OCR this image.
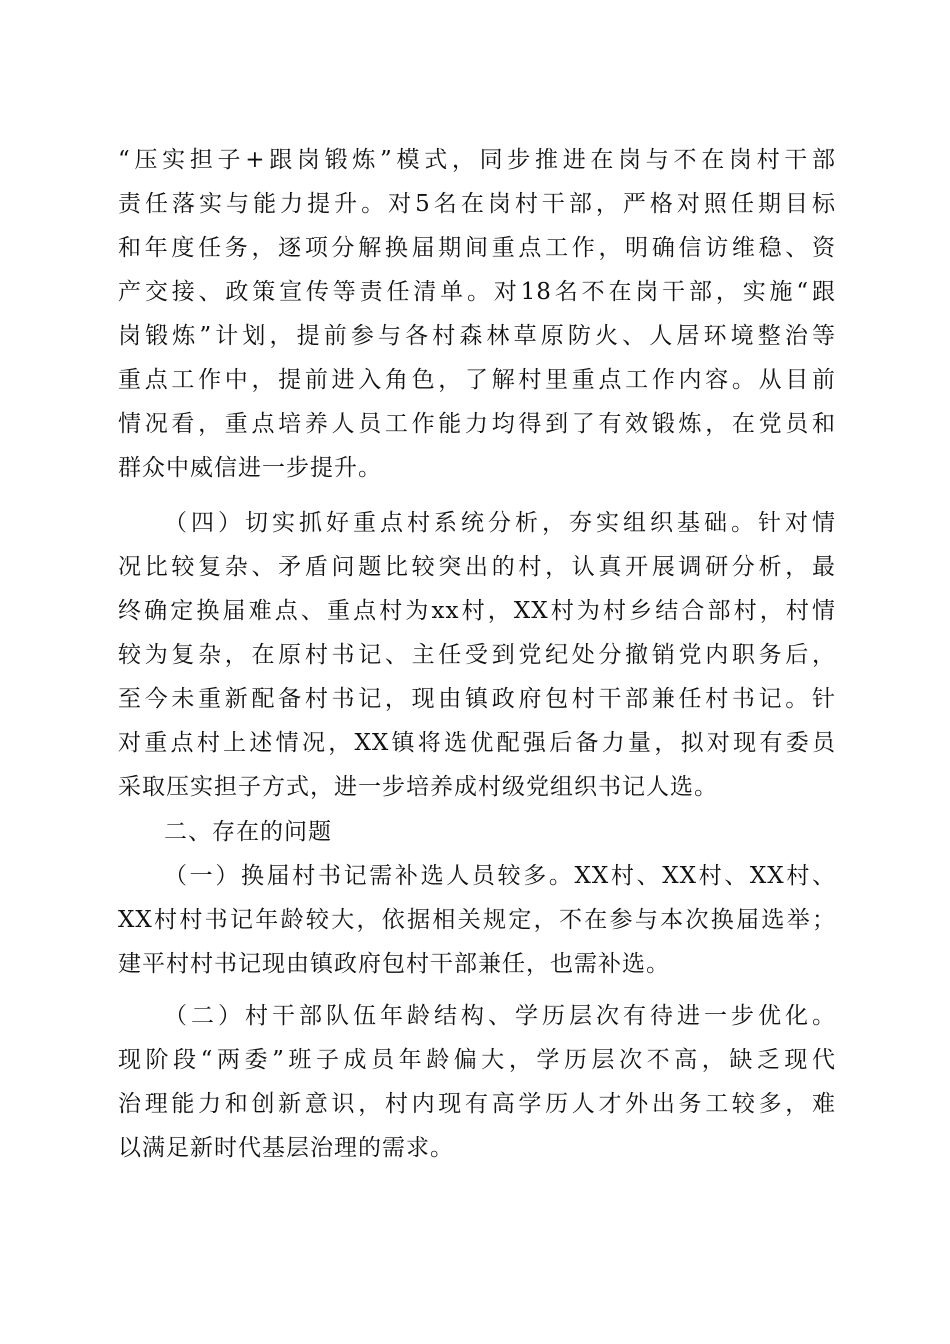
“压实担子+跟岗锻炼”模式，同步推进在岗与不在岗村干部
责任落实与能力提升。对5名在岗村干部，严格对照任期目标
和年度任务，逐项分解换届期间重点工作，明确信访维稳、资
产交接、政策宣传等责任清单。对18名不在岗干部，实施“跟
岗锻炼”计划，提前参与各村森林草原防火、人居环境整治等
重点工作中，提前进入角色，了解村里重点工作内容。从目前
情况看，重点培养人员工作能力均得到了有效锻炼，在党员和
群众中威信进一步提升。
（四）切实抓好重点村系统分析，夯实组织基础。针对情
况比较复杂、矛盾问题比较突出的村，认真开展调研分析，最
终确定换届难点、重点村为xx村，XX村为村乡结合部村，村情
较为复杂，在原村书记、主任受到党纪处分撤销党内职务后，
至今未重新配备村书记，现由镇政府包村干部兼任村书记。针
对重点村上述情况，XX镇将选优配强后备力量，拟对现有委员
采取压实担子方式，进一步培养成村级党组织书记人选。
二、存在的问题
（一）换届村书记需补选人员较多。XX村、XX村、XX村、
XX村村书记年龄较大，依据相关规定，不在参与本次换届选举；
建平村村书记现由镇政府包村干部兼任，也需补选。
（二）村干部队伍年龄结构、学历层次有待进一步优化。
现阶段“两委”班子成员年龄偏大，学历层次不高，缺乏现代
治理能力和创新意识，村内现有高学历人才外出务工较多，难
以满足新时代基层治理的需求。
